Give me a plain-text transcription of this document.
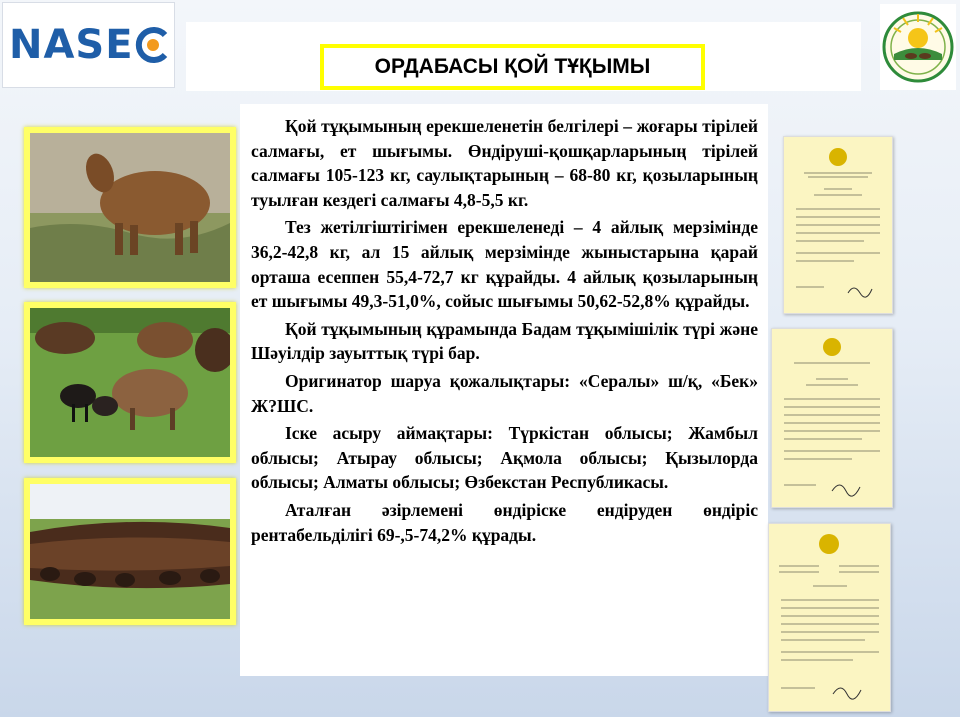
NASE	ОРДАБАСЫ ҚОЙ ТҰҚЫМЫ

Қой тұқымының ерекшеленетін белгілері – жоғары тірілей салмағы, ет шығымы. Өндіруші-қошқарларының тірілей салмағы 105-123 кг, саулықтарының – 68-80 кг, қозыларының туылған кездегі салмағы 4,8-5,5 кг.

Тез жетілгіштігімен ерекшеленеді – 4 айлық мерзімінде 36,2-42,8 кг, ал 15 айлық мерзімінде жыныстарына қарай орташа есеппен 55,4-72,7 кг құрайды. 4 айлық қозыларының ет шығымы 49,3-51,0%, сойыс шығымы 50,62-52,8% құрайды.

Қой тұқымының құрамында Бадам тұқымішілік түрі және Шәуілдір зауыттық түрі бар.

Оригинатор шаруа қожалықтары: «Сералы» ш/қ, «Бек» Ж?ШС.

Іске асыру аймақтары: Түркістан облысы; Жамбыл облысы; Атырау облысы; Ақмола облысы; Қызылорда облысы; Алматы облысы; Өзбекстан Республикасы.

Аталған әзірлемені өндіріске ендіруден өндіріс рентабельділігі 69-,5-74,2% құрады.
